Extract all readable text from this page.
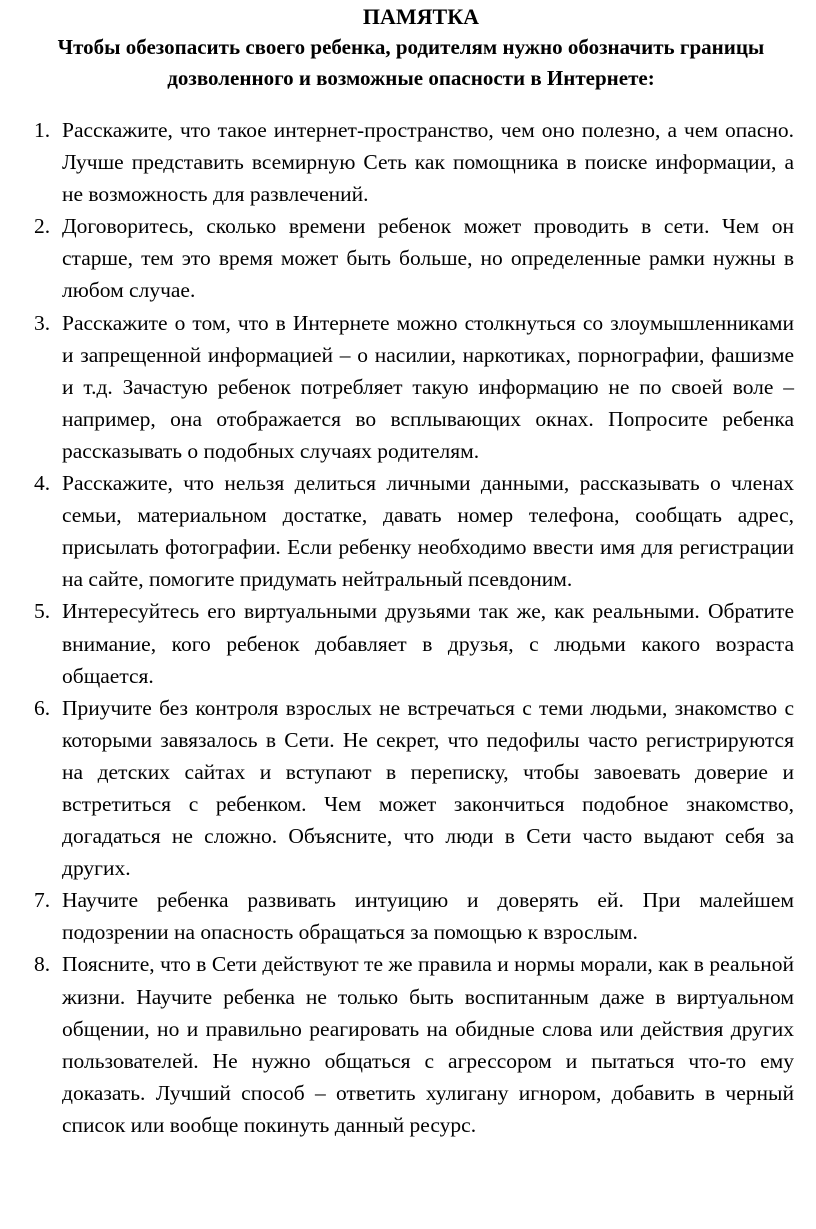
ПАМЯТКА
Чтобы обезопасить своего ребенка, родителям нужно обозначить границы дозволенного и возможные опасности в Интернете:
1. Расскажите, что такое интернет-пространство, чем оно полезно, а чем опасно. Лучше представить всемирную Сеть как помощника в поиске информации, а не возможность для развлечений.
2. Договоритесь, сколько времени ребенок может проводить в сети. Чем он старше, тем это время может быть больше, но определенные рамки нужны в любом случае.
3. Расскажите о том, что в Интернете можно столкнуться со злоумышленниками и запрещенной информацией – о насилии, наркотиках, порнографии, фашизме и т.д. Зачастую ребенок потребляет такую информацию не по своей воле – например, она отображается во всплывающих окнах. Попросите ребенка рассказывать о подобных случаях родителям.
4. Расскажите, что нельзя делиться личными данными, рассказывать о членах семьи, материальном достатке, давать номер телефона, сообщать адрес, присылать фотографии. Если ребенку необходимо ввести имя для регистрации на сайте, помогите придумать нейтральный псевдоним.
5. Интересуйтесь его виртуальными друзьями так же, как реальными. Обратите внимание, кого ребенок добавляет в друзья, с людьми какого возраста общается.
6. Приучите без контроля взрослых не встречаться с теми людьми, знакомство с которыми завязалось в Сети. Не секрет, что педофилы часто регистрируются на детских сайтах и вступают в переписку, чтобы завоевать доверие и встретиться с ребенком. Чем может закончиться подобное знакомство, догадаться не сложно. Объясните, что люди в Сети часто выдают себя за других.
7. Научите ребенка развивать интуицию и доверять ей. При малейшем подозрении на опасность обращаться за помощью к взрослым.
8. Поясните, что в Сети действуют те же правила и нормы морали, как в реальной жизни. Научите ребенка не только быть воспитанным даже в виртуальном общении, но и правильно реагировать на обидные слова или действия других пользователей. Не нужно общаться с агрессором и пытаться что-то ему доказать. Лучший способ – ответить хулигану игнором, добавить в черный список или вообще покинуть данный ресурс.
